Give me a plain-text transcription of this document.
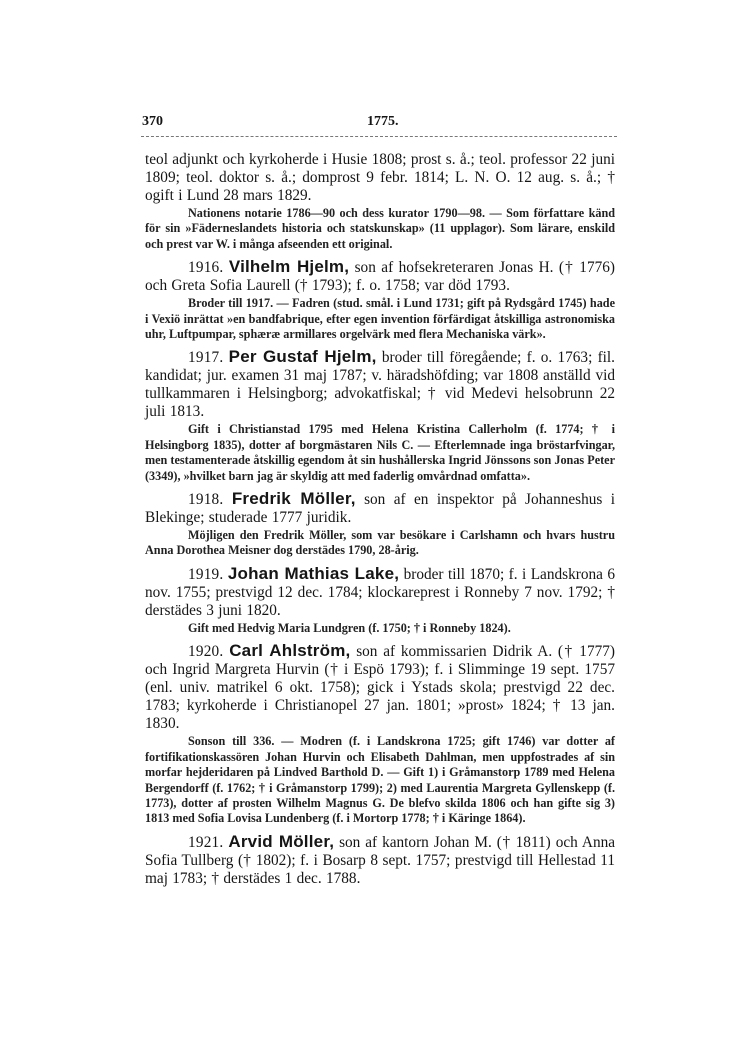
370	1775.

teol adjunkt och kyrkoherde i Husie 1808; prost s. å.; teol. professor 22 juni 1809; teol. doktor s. å.; domprost 9 febr. 1814; L. N. O. 12 aug. s. å.; † ogift i Lund 28 mars 1829.

Nationens notarie 1786—90 och dess kurator 1790—98. — Som författare känd för sin »Fäderneslandets historia och statskunskap» (11 upplagor). Som lärare, enskild och prest var W. i många afseenden ett original.

1916. Vilhelm Hjelm, son af hofsekreteraren Jonas H. († 1776) och Greta Sofia Laurell († 1793); f. o. 1758; var död 1793.

Broder till 1917. — Fadren (stud. smål. i Lund 1731; gift på Rydsgård 1745) hade i Vexiö inrättat »en bandfabrique, efter egen invention förfärdigat åtskilliga astronomiska uhr, Luftpumpar, sphæræ armillares orgelvärk med flera Mechaniska värk».

1917. Per Gustaf Hjelm, broder till föregående; f. o. 1763; fil. kandidat; jur. examen 31 maj 1787; v. häradshöfding; var 1808 anställd vid tullkammaren i Helsingborg; advokatfiskal; † vid Medevi helsobrunn 22 juli 1813.

Gift i Christianstad 1795 med Helena Kristina Callerholm (f. 1774; † i Helsingborg 1835), dotter af borgmästaren Nils C. — Efterlemnade inga bröstarfvingar, men testamenterade åtskillig egendom åt sin hushållerska Ingrid Jönssons son Jonas Peter (3349), »hvilket barn jag är skyldig att med faderlig omvårdnad omfatta».

1918. Fredrik Möller, son af en inspektor på Johanneshus i Blekinge; studerade 1777 juridik.

Möjligen den Fredrik Möller, som var besökare i Carlshamn och hvars hustru Anna Dorothea Meisner dog derstädes 1790, 28-årig.

1919. Johan Mathias Lake, broder till 1870; f. i Landskrona 6 nov. 1755; prestvigd 12 dec. 1784; klockareprest i Ronneby 7 nov. 1792; † derstädes 3 juni 1820.

Gift med Hedvig Maria Lundgren (f. 1750; † i Ronneby 1824).

1920. Carl Ahlström, son af kommissarien Didrik A. († 1777) och Ingrid Margreta Hurvin († i Espö 1793); f. i Slimminge 19 sept. 1757 (enl. univ. matrikel 6 okt. 1758); gick i Ystads skola; prestvigd 22 dec. 1783; kyrkoherde i Christianopel 27 jan. 1801; »prost» 1824; † 13 jan. 1830.

Sonson till 336. — Modren (f. i Landskrona 1725; gift 1746) var dotter af fortifikationskassören Johan Hurvin och Elisabeth Dahlman, men uppfostrades af sin morfar hejderidaren på Lindved Barthold D. — Gift 1) i Gråmanstorp 1789 med Helena Bergendorff (f. 1762; † i Gråmanstorp 1799); 2) med Laurentia Margreta Gyllenskepp (f. 1773), dotter af prosten Wilhelm Magnus G. De blefvo skilda 1806 och han gifte sig 3) 1813 med Sofia Lovisa Lundenberg (f. i Mortorp 1778; † i Käringe 1864).

1921. Arvid Möller, son af kantorn Johan M. († 1811) och Anna Sofia Tullberg († 1802); f. i Bosarp 8 sept. 1757; prestvigd till Hellestad 11 maj 1783; † derstädes 1 dec. 1788.
